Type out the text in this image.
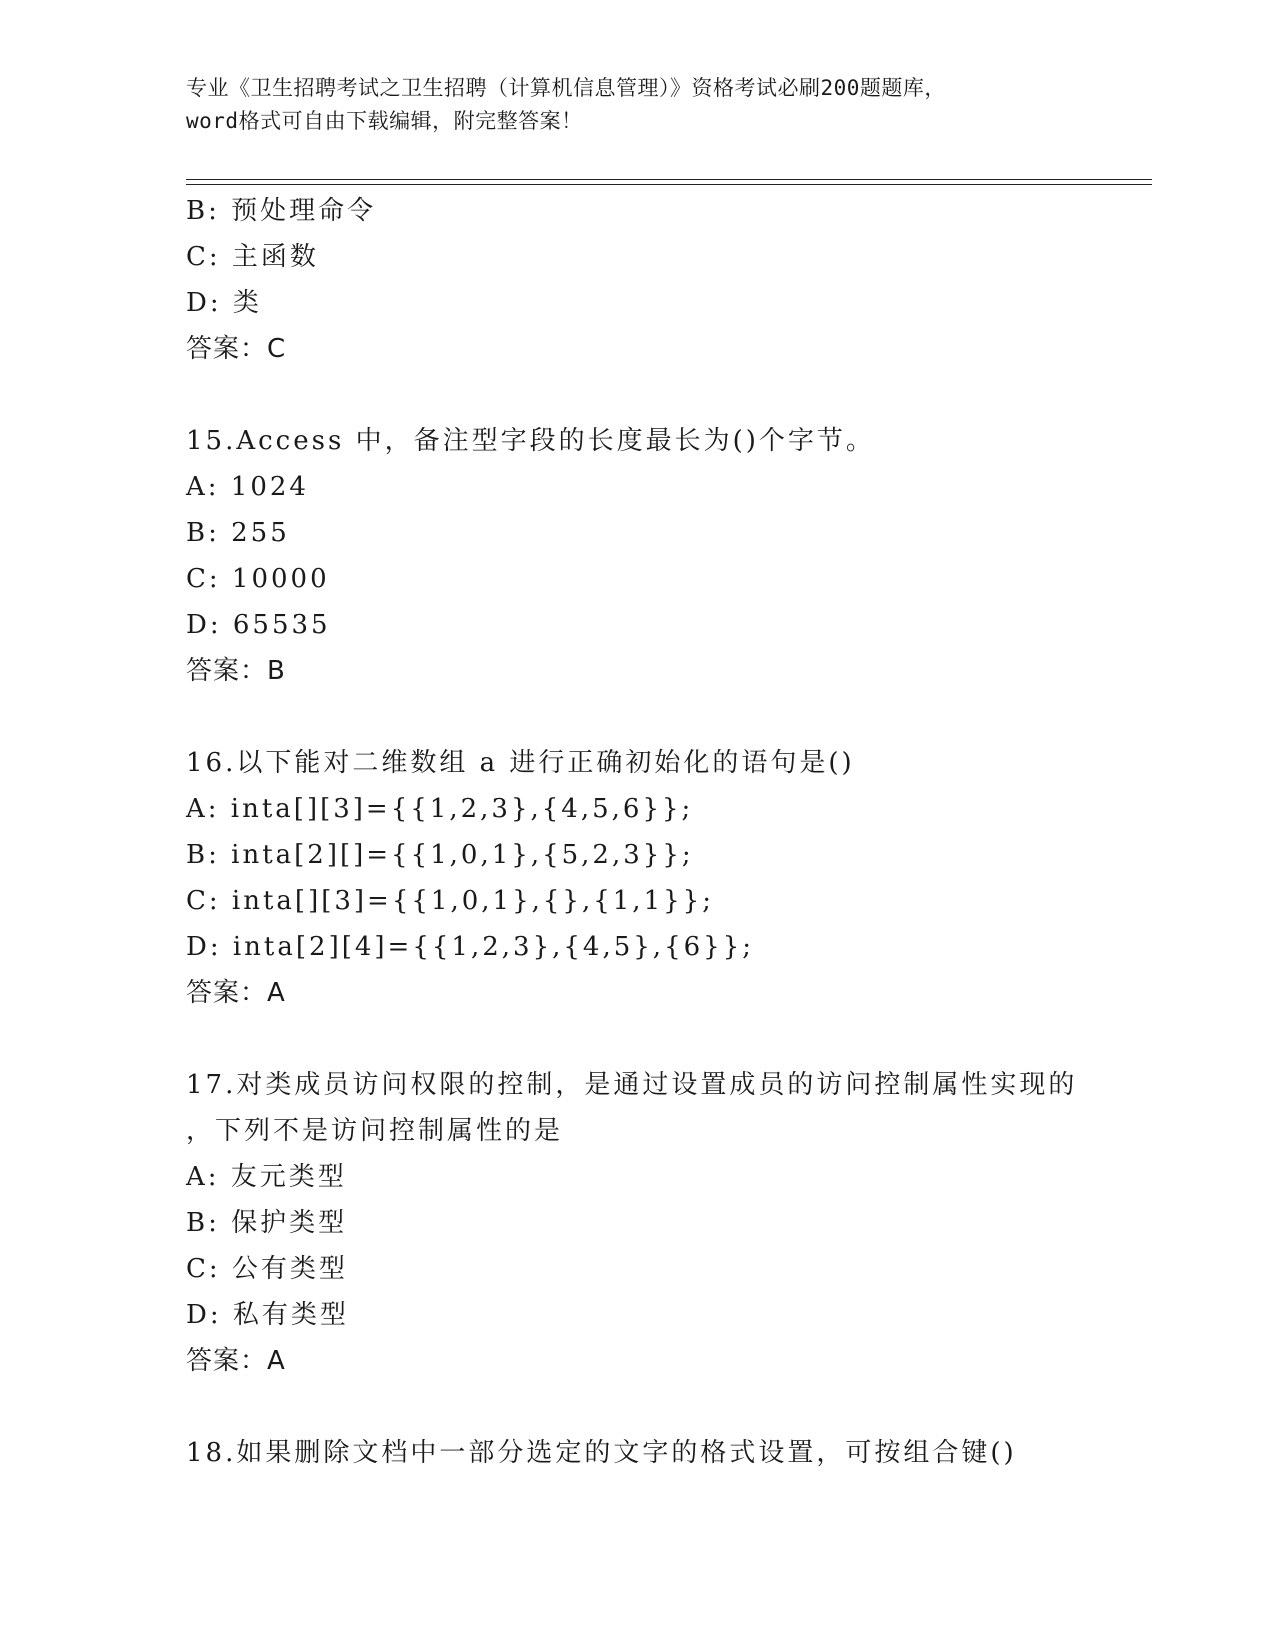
专业《卫生招聘考试之卫生招聘（计算机信息管理）》资格考试必刷200题题库，
word格式可自由下载编辑，附完整答案！
B: 预处理命令
C: 主函数
D: 类
答案：C
15.Access 中，备注型字段的长度最长为()个字节。
A: 1024
B: 255
C: 10000
D: 65535
答案：B
16.以下能对二维数组 a 进行正确初始化的语句是()
A: inta[][3]={{1,2,3},{4,5,6}};
B: inta[2][]={{1,0,1},{5,2,3}};
C: inta[][3]={{1,0,1},{},{1,1}};
D: inta[2][4]={{1,2,3},{4,5},{6}};
答案：A
17.对类成员访问权限的控制，是通过设置成员的访问控制属性实现的
，下列不是访问控制属性的是
A: 友元类型
B: 保护类型
C: 公有类型
D: 私有类型
答案：A
18.如果删除文档中一部分选定的文字的格式设置，可按组合键()
